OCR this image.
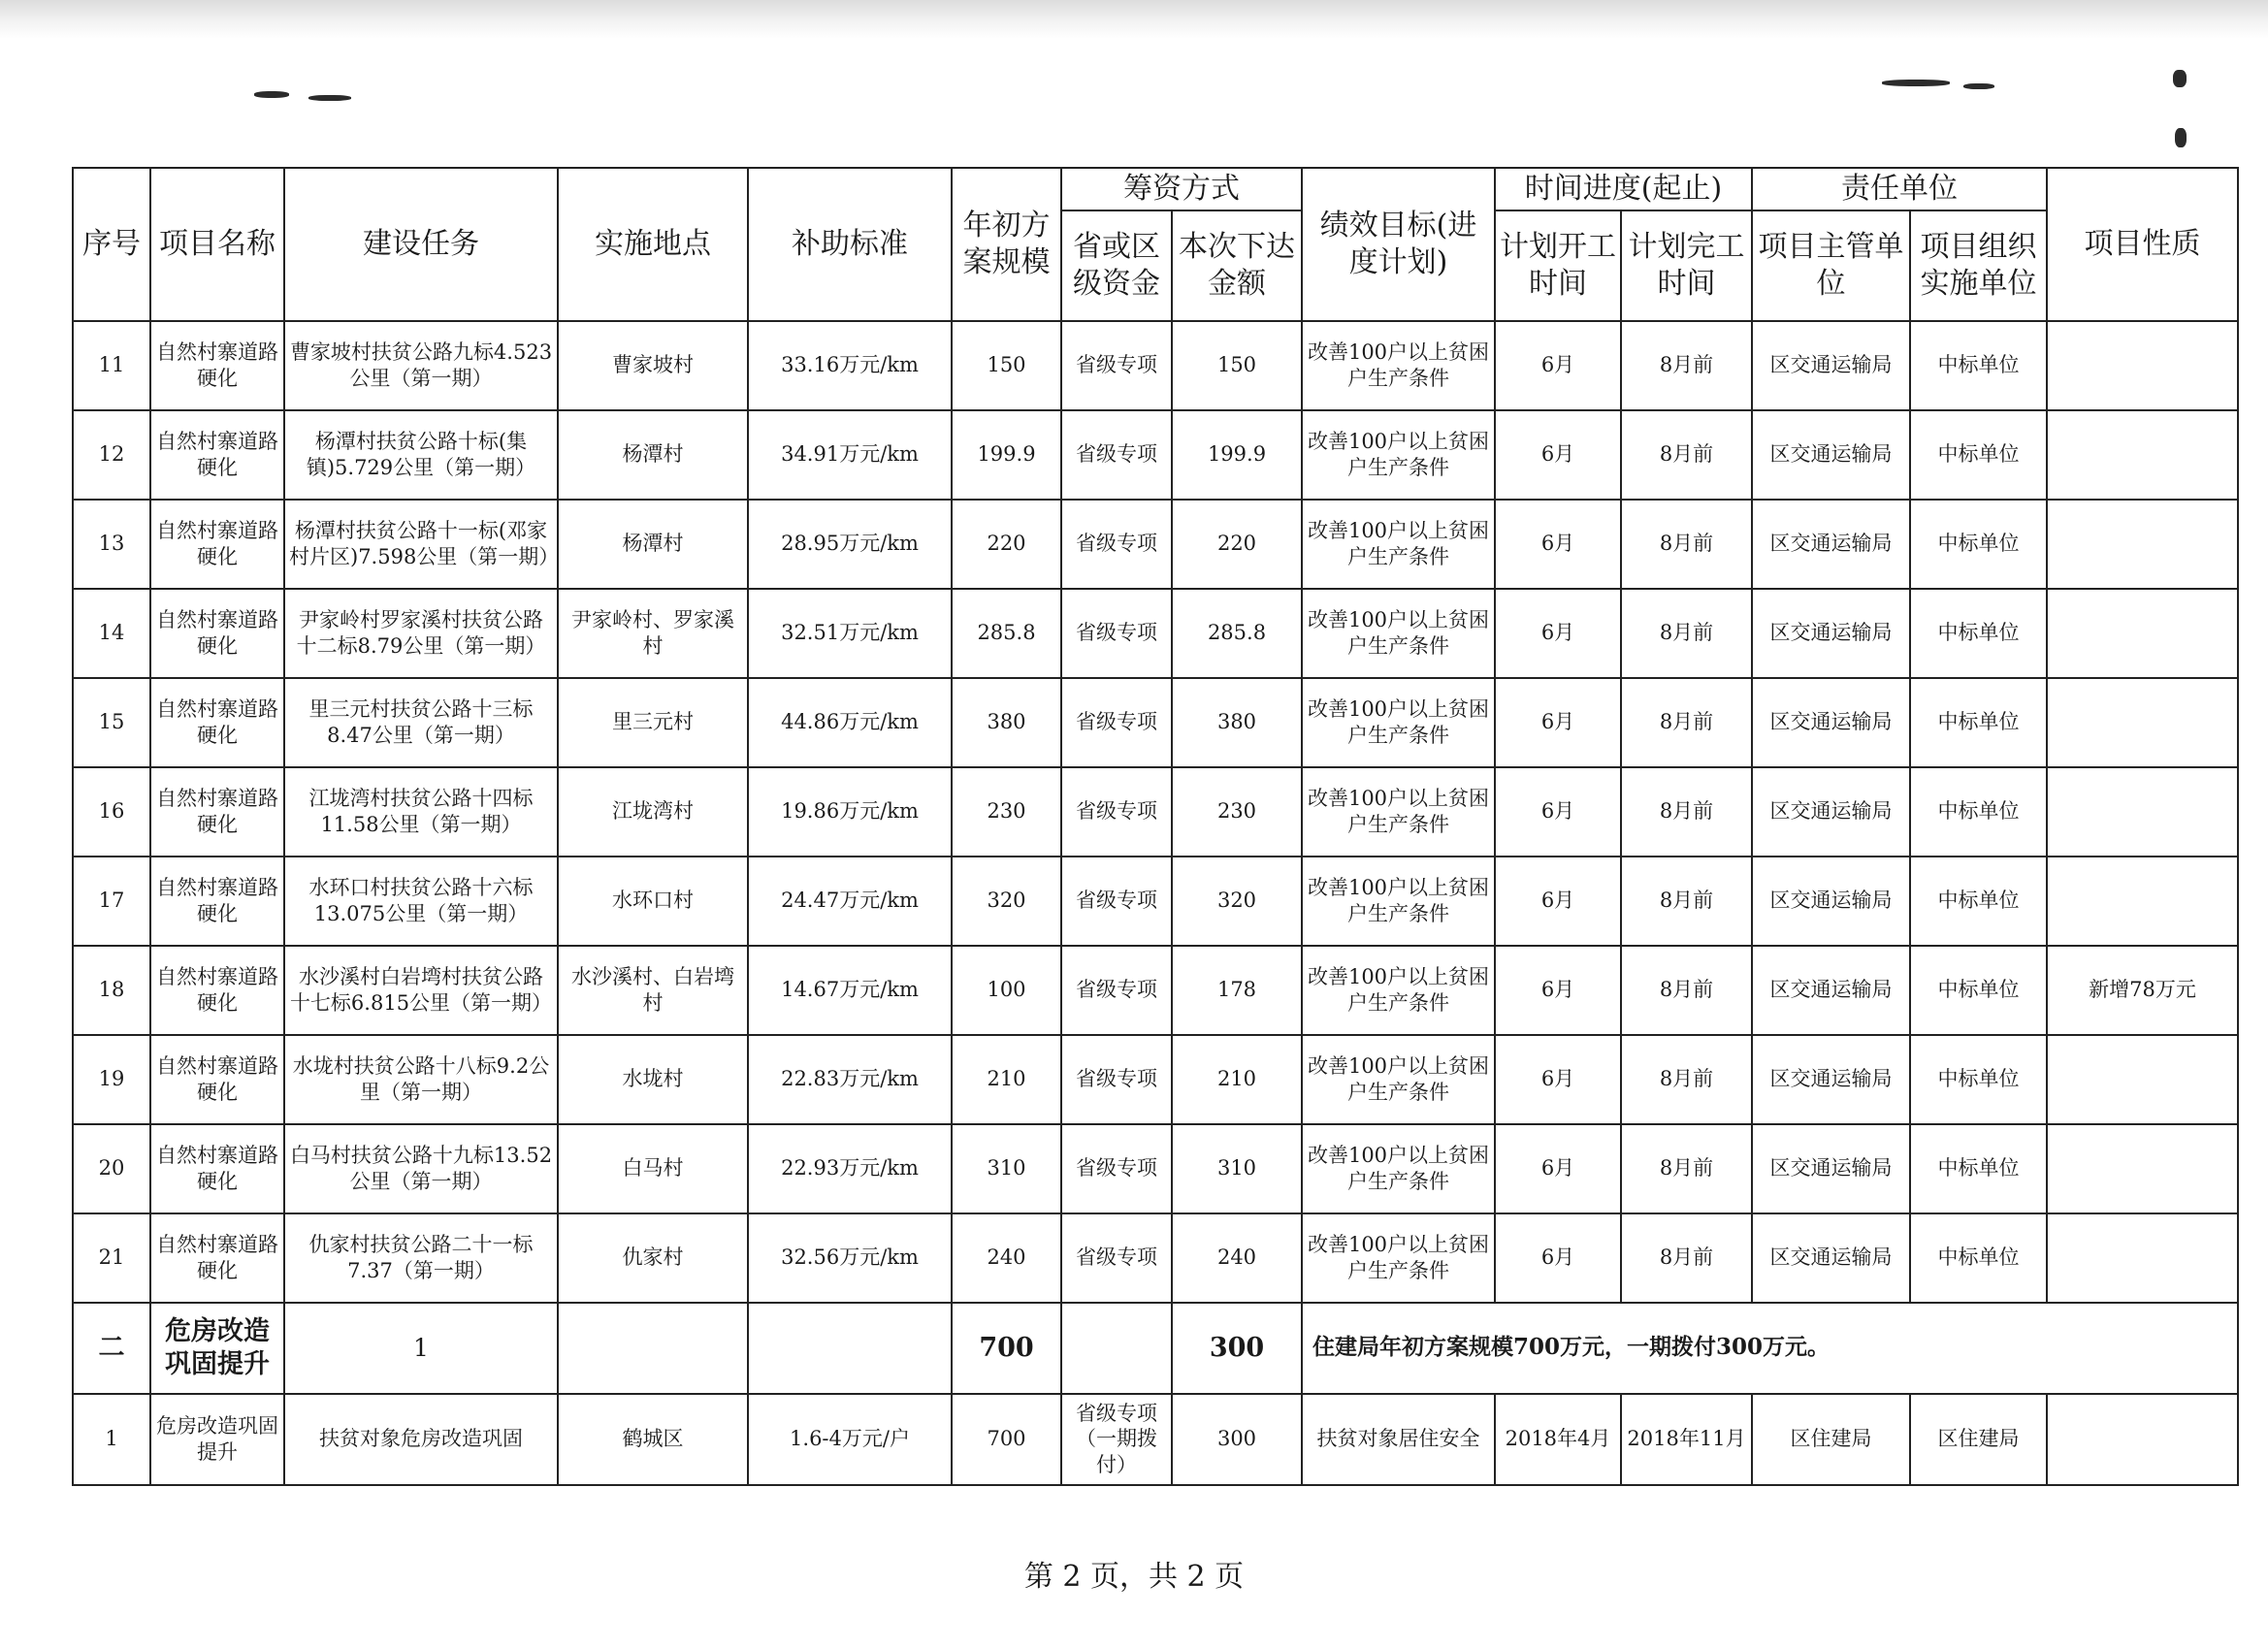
序号	项目名称	建设任务	实施地点	补助标准	年初方案规模	筹资方式		绩效目标(进度计划)	时间进度(起止)		责任单位		项目性质
						省或区级资金	本次下达金额		计划开工时间	计划完工时间	项目主管单位	项目组织实施单位	
11	自然村寨道路硬化	曹家坡村扶贫公路九标4.523公里（第一期）	曹家坡村	33.16万元/km	150	省级专项	150	改善100户以上贫困户生产条件	6月	8月前	区交通运输局	中标单位	
12	自然村寨道路硬化	杨潭村扶贫公路十标(集镇)5.729公里（第一期）	杨潭村	34.91万元/km	199.9	省级专项	199.9	改善100户以上贫困户生产条件	6月	8月前	区交通运输局	中标单位	
13	自然村寨道路硬化	杨潭村扶贫公路十一标(邓家村片区)7.598公里（第一期）	杨潭村	28.95万元/km	220	省级专项	220	改善100户以上贫困户生产条件	6月	8月前	区交通运输局	中标单位	
14	自然村寨道路硬化	尹家岭村罗家溪村扶贫公路十二标8.79公里（第一期）	尹家岭村、罗家溪村	32.51万元/km	285.8	省级专项	285.8	改善100户以上贫困户生产条件	6月	8月前	区交通运输局	中标单位	
15	自然村寨道路硬化	里三元村扶贫公路十三标8.47公里（第一期）	里三元村	44.86万元/km	380	省级专项	380	改善100户以上贫困户生产条件	6月	8月前	区交通运输局	中标单位	
16	自然村寨道路硬化	江垅湾村扶贫公路十四标11.58公里（第一期）	江垅湾村	19.86万元/km	230	省级专项	230	改善100户以上贫困户生产条件	6月	8月前	区交通运输局	中标单位	
17	自然村寨道路硬化	水环口村扶贫公路十六标13.075公里（第一期）	水环口村	24.47万元/km	320	省级专项	320	改善100户以上贫困户生产条件	6月	8月前	区交通运输局	中标单位	
18	自然村寨道路硬化	水沙溪村白岩塆村扶贫公路十七标6.815公里（第一期）	水沙溪村、白岩塆村	14.67万元/km	100	省级专项	178	改善100户以上贫困户生产条件	6月	8月前	区交通运输局	中标单位	新增78万元
19	自然村寨道路硬化	水垅村扶贫公路十八标9.2公里（第一期）	水垅村	22.83万元/km	210	省级专项	210	改善100户以上贫困户生产条件	6月	8月前	区交通运输局	中标单位	
20	自然村寨道路硬化	白马村扶贫公路十九标13.52公里（第一期）	白马村	22.93万元/km	310	省级专项	310	改善100户以上贫困户生产条件	6月	8月前	区交通运输局	中标单位	
21	自然村寨道路硬化	仇家村扶贫公路二十一标7.37（第一期）	仇家村	32.56万元/km	240	省级专项	240	改善100户以上贫困户生产条件	6月	8月前	区交通运输局	中标单位	
二	危房改造巩固提升	1			700		300	住建局年初方案规模700万元，一期拨付300万元。					
1	危房改造巩固提升	扶贫对象危房改造巩固	鹤城区	1.6-4万元/户	700	省级专项（一期拨付）	300	扶贫对象居住安全	2018年4月	2018年11月	区住建局	区住建局	
第 2 页，共 2 页
